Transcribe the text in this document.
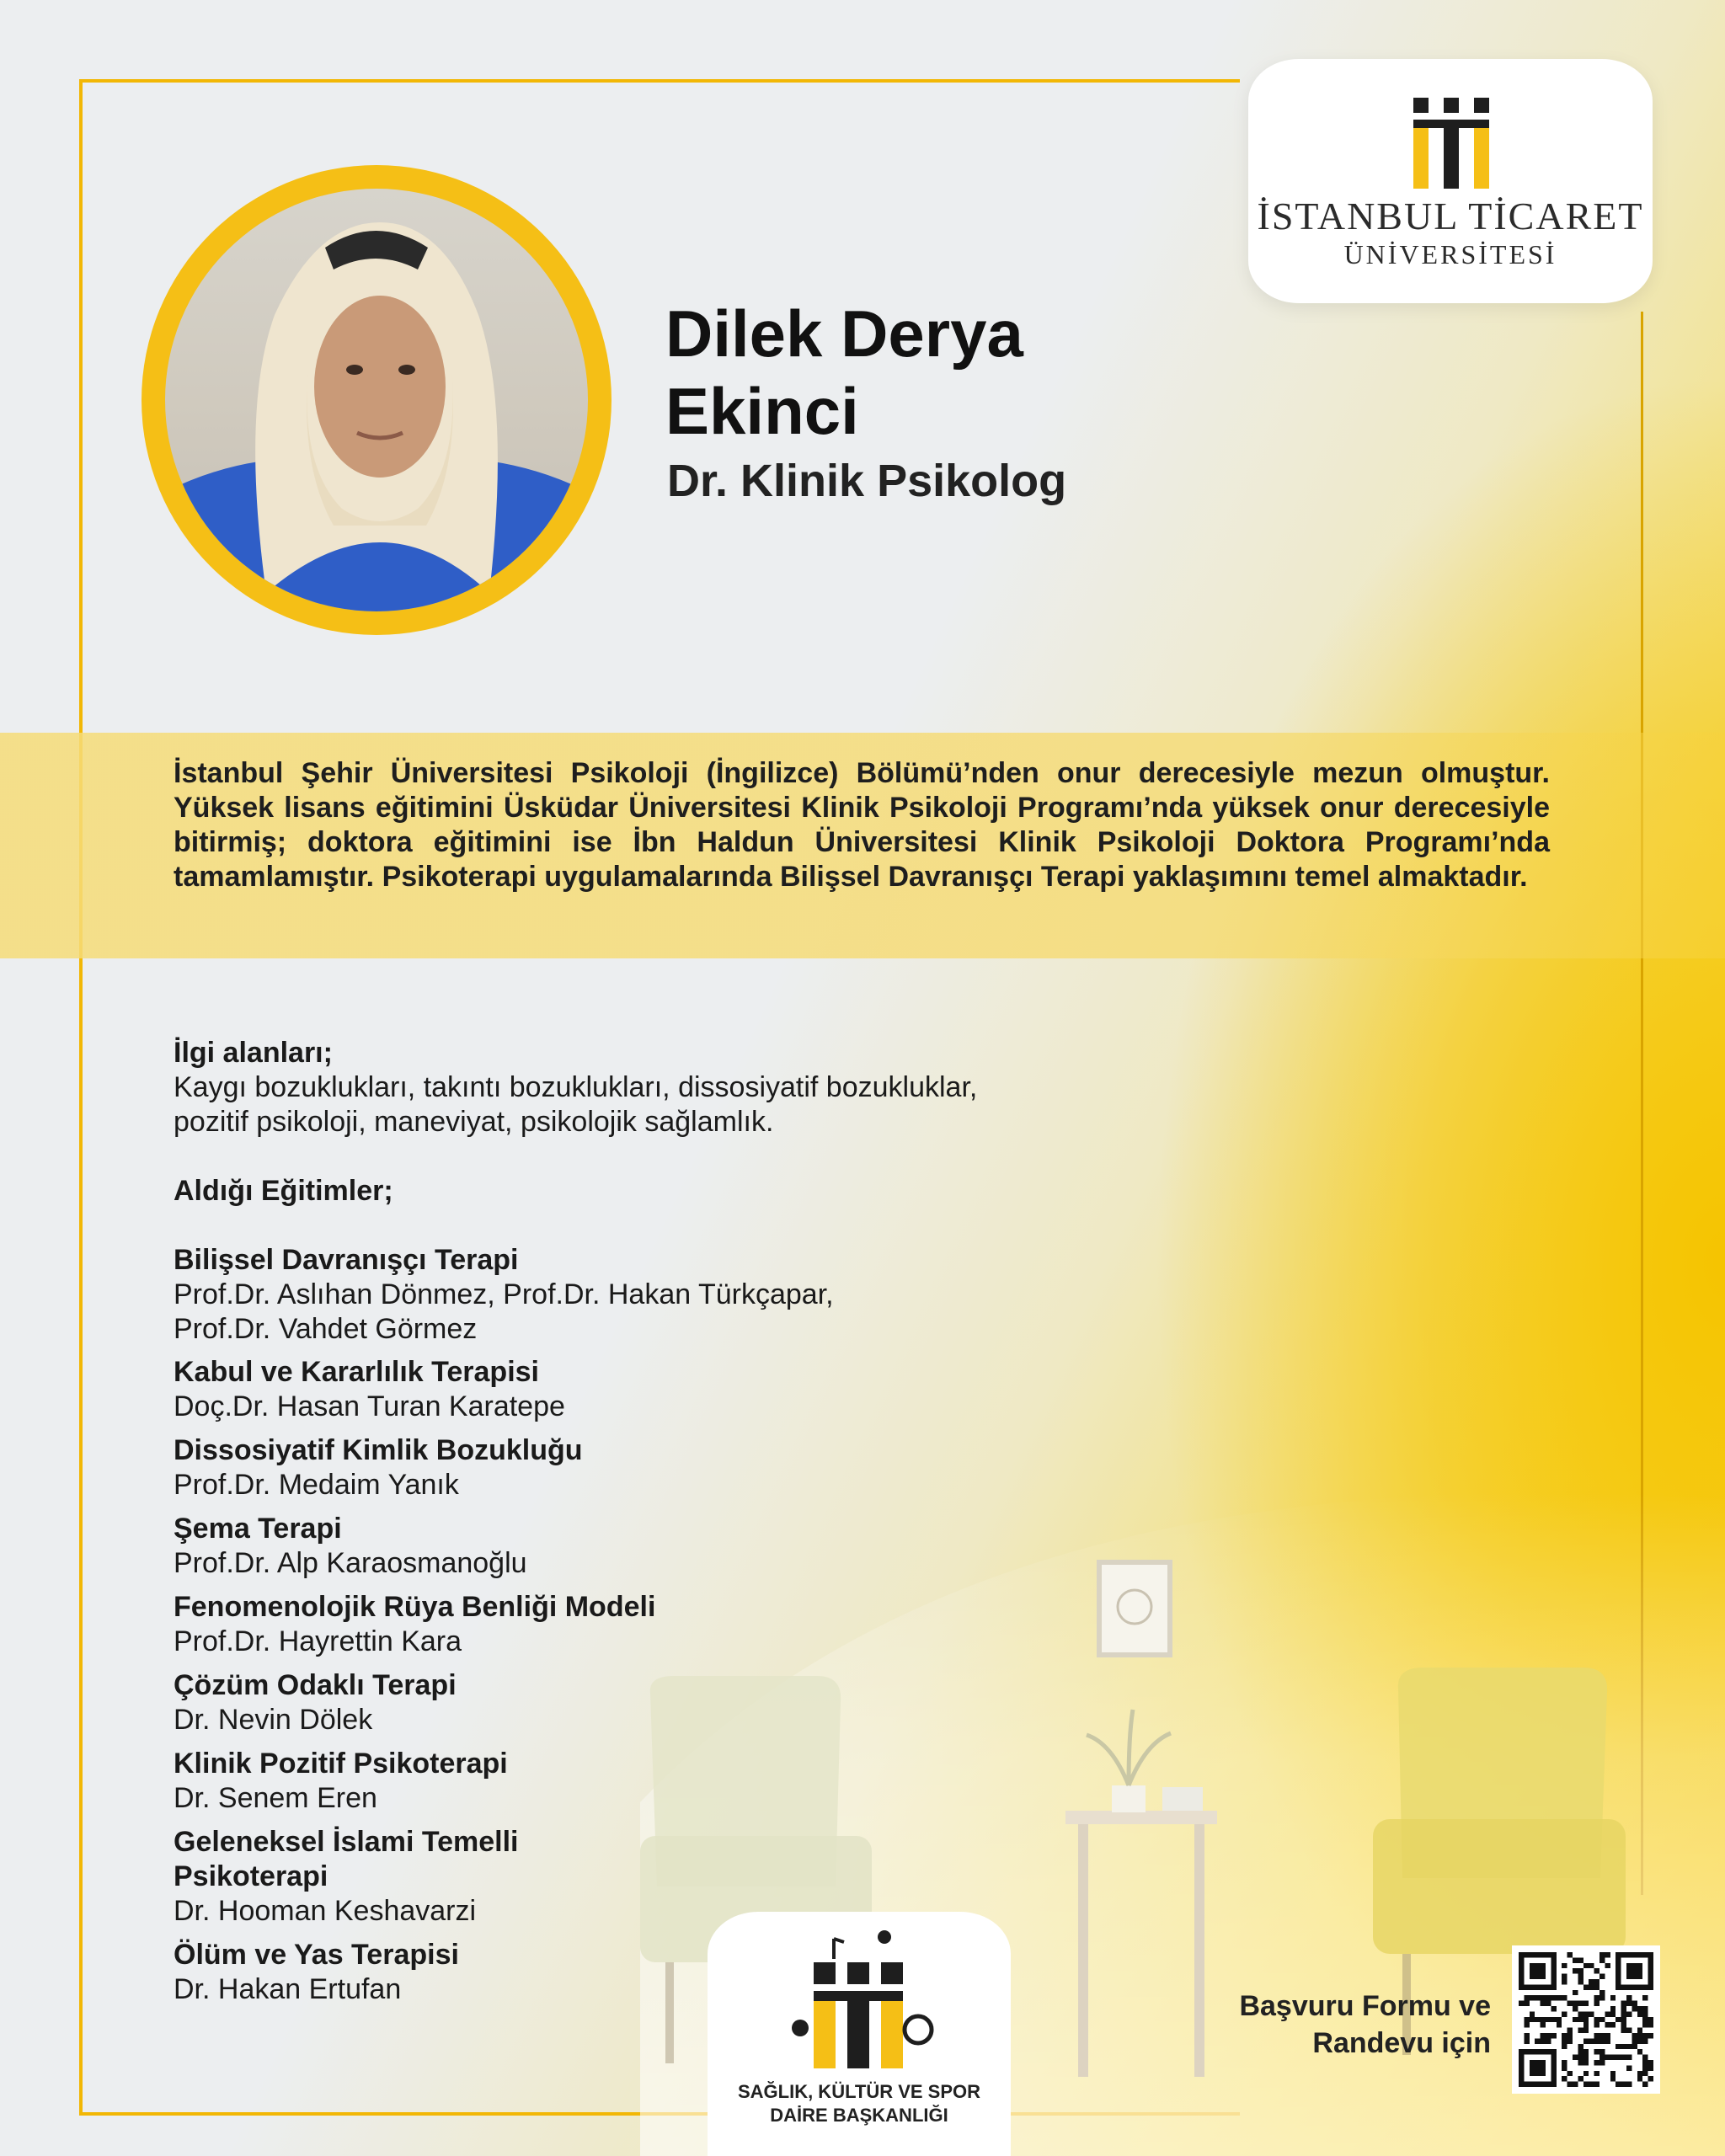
İSTANBUL TİCARET
ÜNİVERSİTESİ
Dilek Derya
Ekinci
Dr. Klinik Psikolog
İstanbul Şehir Üniversitesi Psikoloji (İngilizce) Bölümü’nden onur derecesiyle mezun olmuştur. Yüksek lisans eğitimini Üsküdar Üniversitesi Klinik Psikoloji Programı’nda yüksek onur derecesiyle bitirmiş; doktora eğitimini ise İbn Haldun Üniversitesi Klinik Psikoloji Doktora Programı’nda tamamlamıştır. Psikoterapi uygulamalarında Bilişsel Davranışçı Terapi yaklaşımını temel almaktadır.
İlgi alanları;
Kaygı bozuklukları, takıntı bozuklukları, dissosiyatif bozukluklar,
pozitif psikoloji, maneviyat, psikolojik sağlamlık.
Aldığı Eğitimler;
Bilişsel Davranışçı Terapi
Prof.Dr. Aslıhan Dönmez, Prof.Dr. Hakan Türkçapar,
Prof.Dr. Vahdet Görmez
Kabul ve Kararlılık Terapisi
Doç.Dr. Hasan Turan Karatepe
Dissosiyatif Kimlik Bozukluğu
Prof.Dr. Medaim Yanık
Şema Terapi
Prof.Dr. Alp Karaosmanoğlu
Fenomenolojik Rüya Benliği Modeli
Prof.Dr. Hayrettin Kara
Çözüm Odaklı Terapi
Dr. Nevin Dölek
Klinik Pozitif Psikoterapi
Dr. Senem Eren
Geleneksel İslami Temelli
Psikoterapi
Dr. Hooman Keshavarzi
Ölüm ve Yas Terapisi
Dr. Hakan Ertufan
SAĞLIK, KÜLTÜR VE SPOR
DAİRE BAŞKANLIĞI
Başvuru Formu ve
Randevu için
